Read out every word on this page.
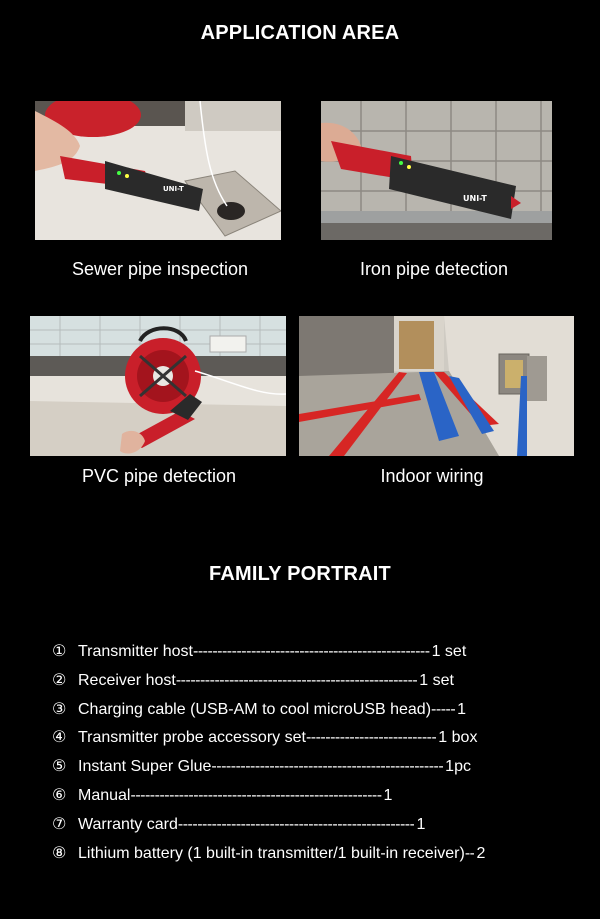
APPLICATION AREA
UNI-T
Sewer pipe inspection
UNI-T
Iron pipe detection
PVC pipe detection	Indoor wiring
FAMILY PORTRAIT
① Transmitter host ------------------------------------------------- 1 set
② Receiver host -------------------------------------------------- 1 set
③ Charging cable (USB-AM to cool microUSB head) ----- 1
④ Transmitter probe accessory set --------------------------- 1 box
⑤ Instant Super Glue ------------------------------------------------ 1pc
⑥ Manual ---------------------------------------------------- 1
⑦ Warranty card ------------------------------------------------- 1
⑧ Lithium battery (1 built-in transmitter/1 built-in receiver) -- 2
